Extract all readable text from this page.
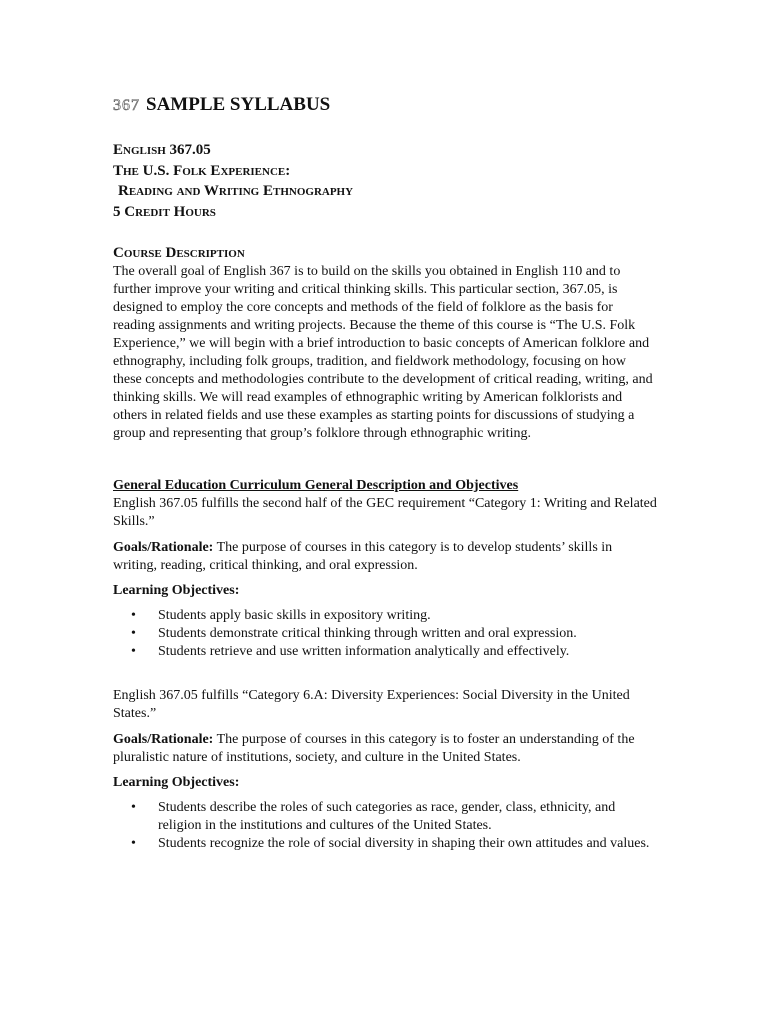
367 SAMPLE SYLLABUS
English 367.05
The U.S. Folk Experience:
Reading and Writing Ethnography
5 Credit Hours
Course Description

The overall goal of English 367 is to build on the skills you obtained in English 110 and to further improve your writing and critical thinking skills. This particular section, 367.05, is designed to employ the core concepts and methods of the field of folklore as the basis for reading assignments and writing projects. Because the theme of this course is “The U.S. Folk Experience,” we will begin with a brief introduction to basic concepts of American folklore and ethnography, including folk groups, tradition, and fieldwork methodology, focusing on how these concepts and methodologies contribute to the development of critical reading, writing, and thinking skills. We will read examples of ethnographic writing by American folklorists and others in related fields and use these examples as starting points for discussions of studying a group and representing that group’s folklore through ethnographic writing.

General Education Curriculum General Description and Objectives

English 367.05 fulfills the second half of the GEC requirement “Category 1: Writing and Related Skills.”

Goals/Rationale: The purpose of courses in this category is to develop students’ skills in writing, reading, critical thinking, and oral expression.

Learning Objectives:

• Students apply basic skills in expository writing.
• Students demonstrate critical thinking through written and oral expression.
• Students retrieve and use written information analytically and effectively.

English 367.05 fulfills “Category 6.A: Diversity Experiences: Social Diversity in the United States.”

Goals/Rationale: The purpose of courses in this category is to foster an understanding of the pluralistic nature of institutions, society, and culture in the United States.

Learning Objectives:

• Students describe the roles of such categories as race, gender, class, ethnicity, and religion in the institutions and cultures of the United States.
• Students recognize the role of social diversity in shaping their own attitudes and values.
